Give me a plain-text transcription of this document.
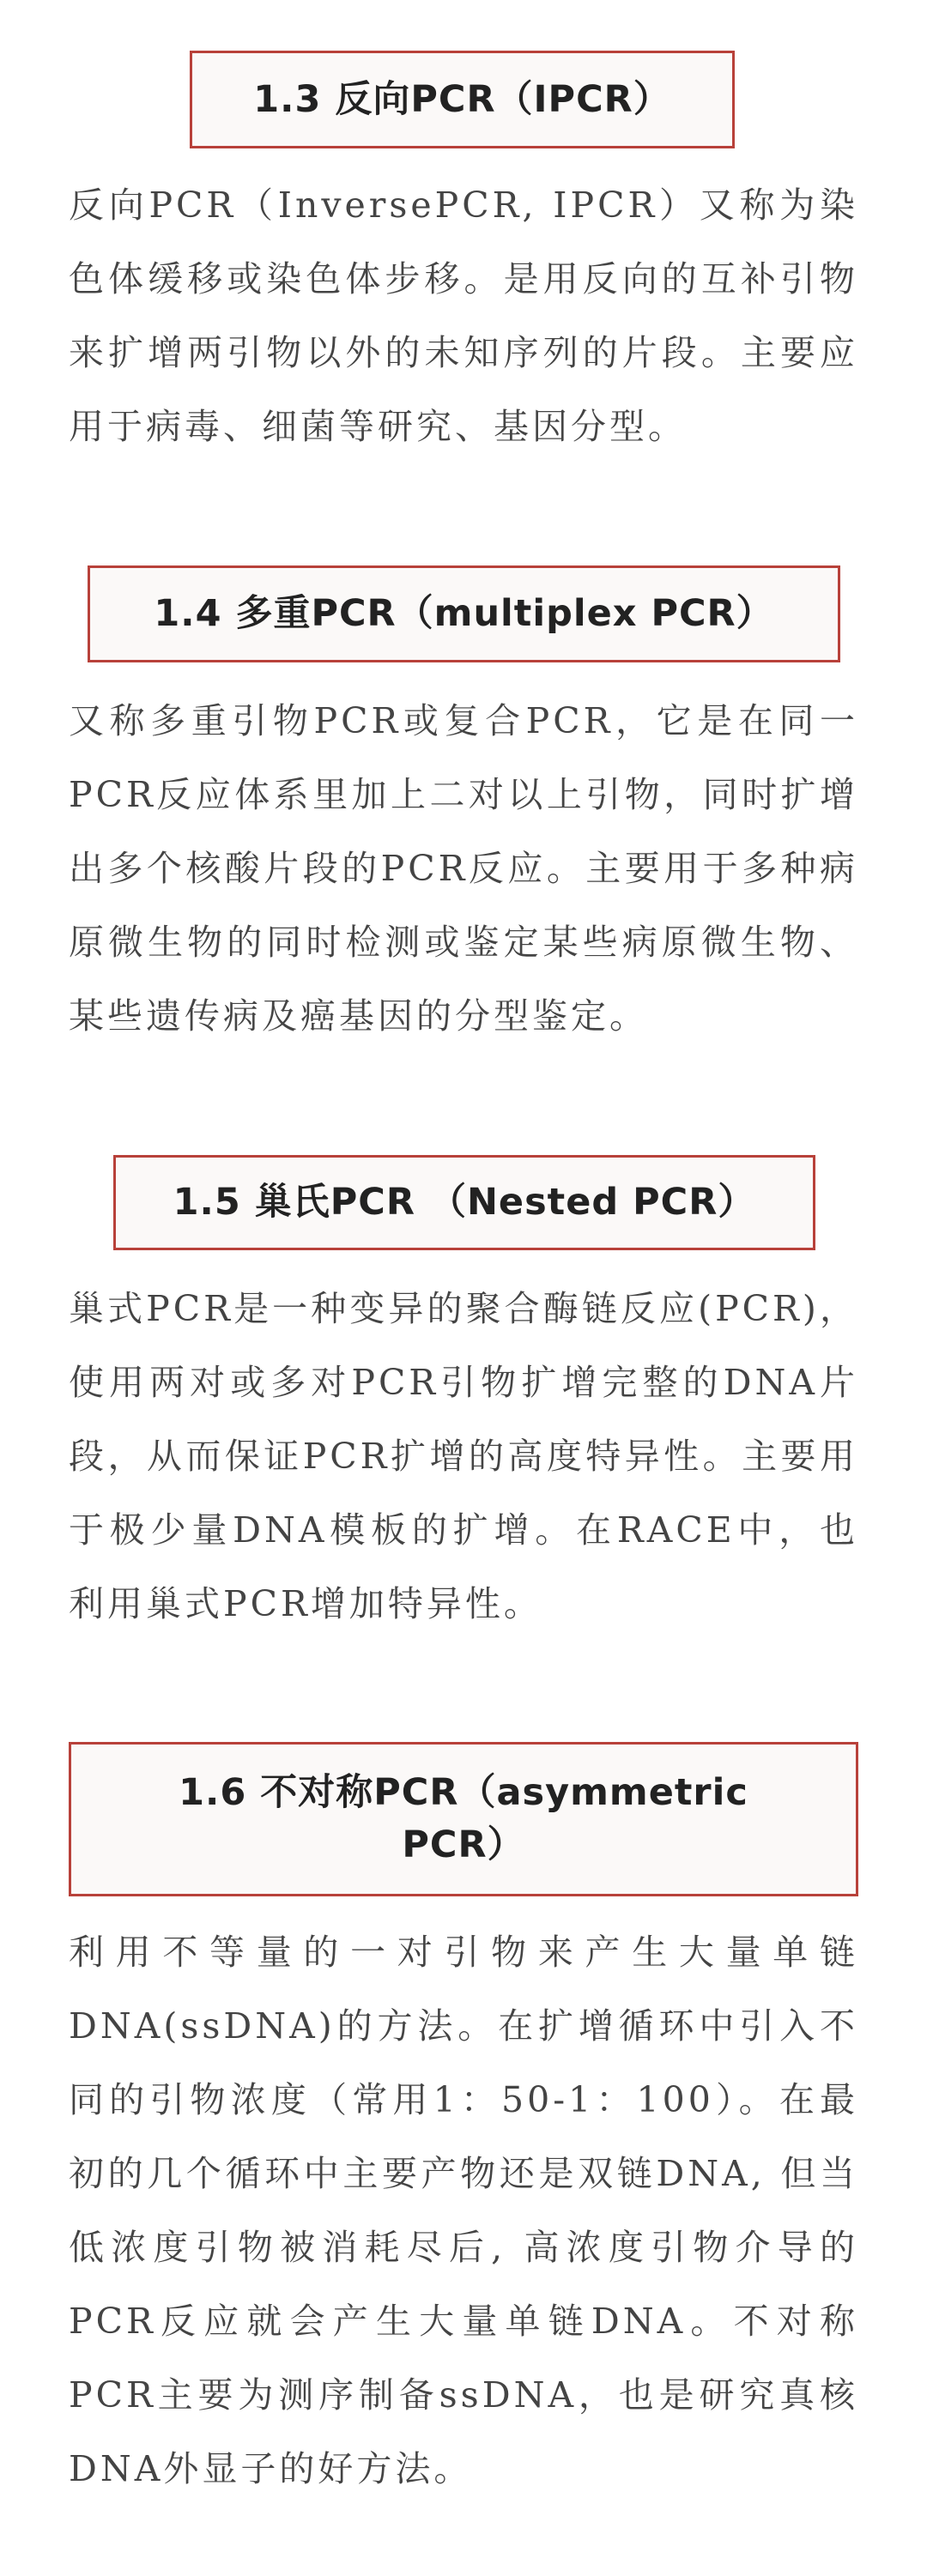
1.3 反向PCR（IPCR）

反向PCR（InversePCR, IPCR）又称为染色体缓移或染色体步移。是用反向的互补引物来扩增两引物以外的未知序列的片段。主要应用于病毒、细菌等研究、基因分型。

1.4 多重PCR（multiplex PCR）

又称多重引物PCR或复合PCR，它是在同一PCR反应体系里加上二对以上引物，同时扩增出多个核酸片段的PCR反应。主要用于多种病原微生物的同时检测或鉴定某些病原微生物、某些遗传病及癌基因的分型鉴定。

1.5 巢氏PCR （Nested PCR）

巢式PCR是一种变异的聚合酶链反应(PCR)，使用两对或多对PCR引物扩增完整的DNA片段，从而保证PCR扩增的高度特异性。主要用于极少量DNA模板的扩增。在RACE中，也利用巢式PCR增加特异性。

1.6 不对称PCR（asymmetric PCR）

利用不等量的一对引物来产生大量单链DNA(ssDNA)的方法。在扩增循环中引入不同的引物浓度（常用1：50-1：100）。在最初的几个循环中主要产物还是双链DNA, 但当低浓度引物被消耗尽后, 高浓度引物介导的PCR反应就会产生大量单链DNA。不对称PCR主要为测序制备ssDNA，也是研究真核DNA外显子的好方法。
